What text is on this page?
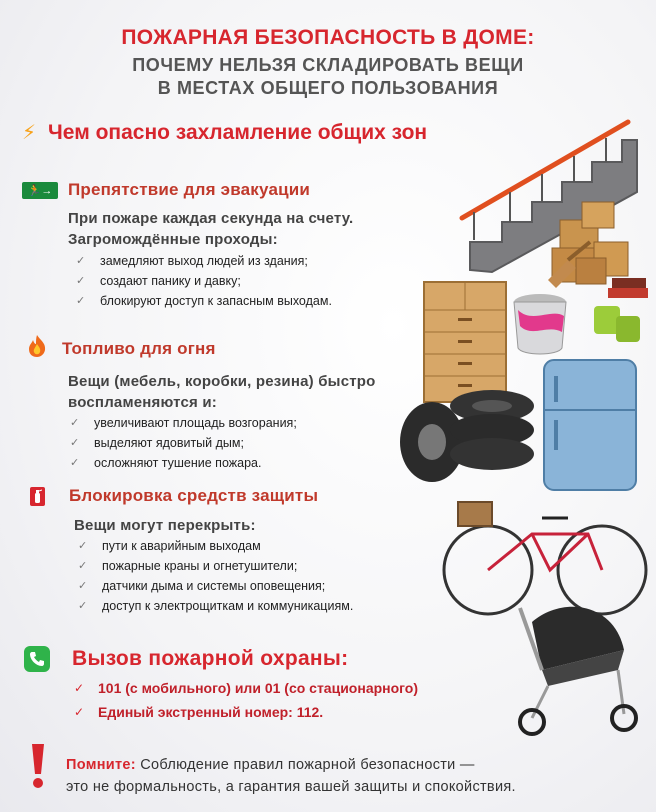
ПОЖАРНАЯ БЕЗОПАСНОСТЬ В ДОМЕ:
ПОЧЕМУ НЕЛЬЗЯ СКЛАДИРОВАТЬ ВЕЩИ
В МЕСТАХ ОБЩЕГО ПОЛЬЗОВАНИЯ
⚡ Чем опасно захламление общих зон
🏃→ Препятствие для эвакуации
При пожаре каждая секунда на счету.
Загромождённые проходы:
✓	замедляют выход людей из здания;
✓	создают панику и давку;
✓	блокируют доступ к запасным выходам.
Топливо для огня
Вещи (мебель, коробки, резина) быстро
воспламеняются и:
✓	увеличивают площадь возгорания;
✓	выделяют ядовитый дым;
✓	осложняют тушение пожара.
Блокировка средств защиты
Вещи могут перекрыть:
✓	пути к аварийным выходам
✓	пожарные краны и огнетушители;
✓	датчики дыма и системы оповещения;
✓	доступ к электрощиткам и коммуникациям.
Вызов пожарной охраны:
✓ 101 (с мобильного) или 01 (со стационарного)
✓ Единый экстренный номер: 112.
Помните: Соблюдение правил пожарной безопасности —
это не формальность, а гарантия вашей защиты и спокойствия.
